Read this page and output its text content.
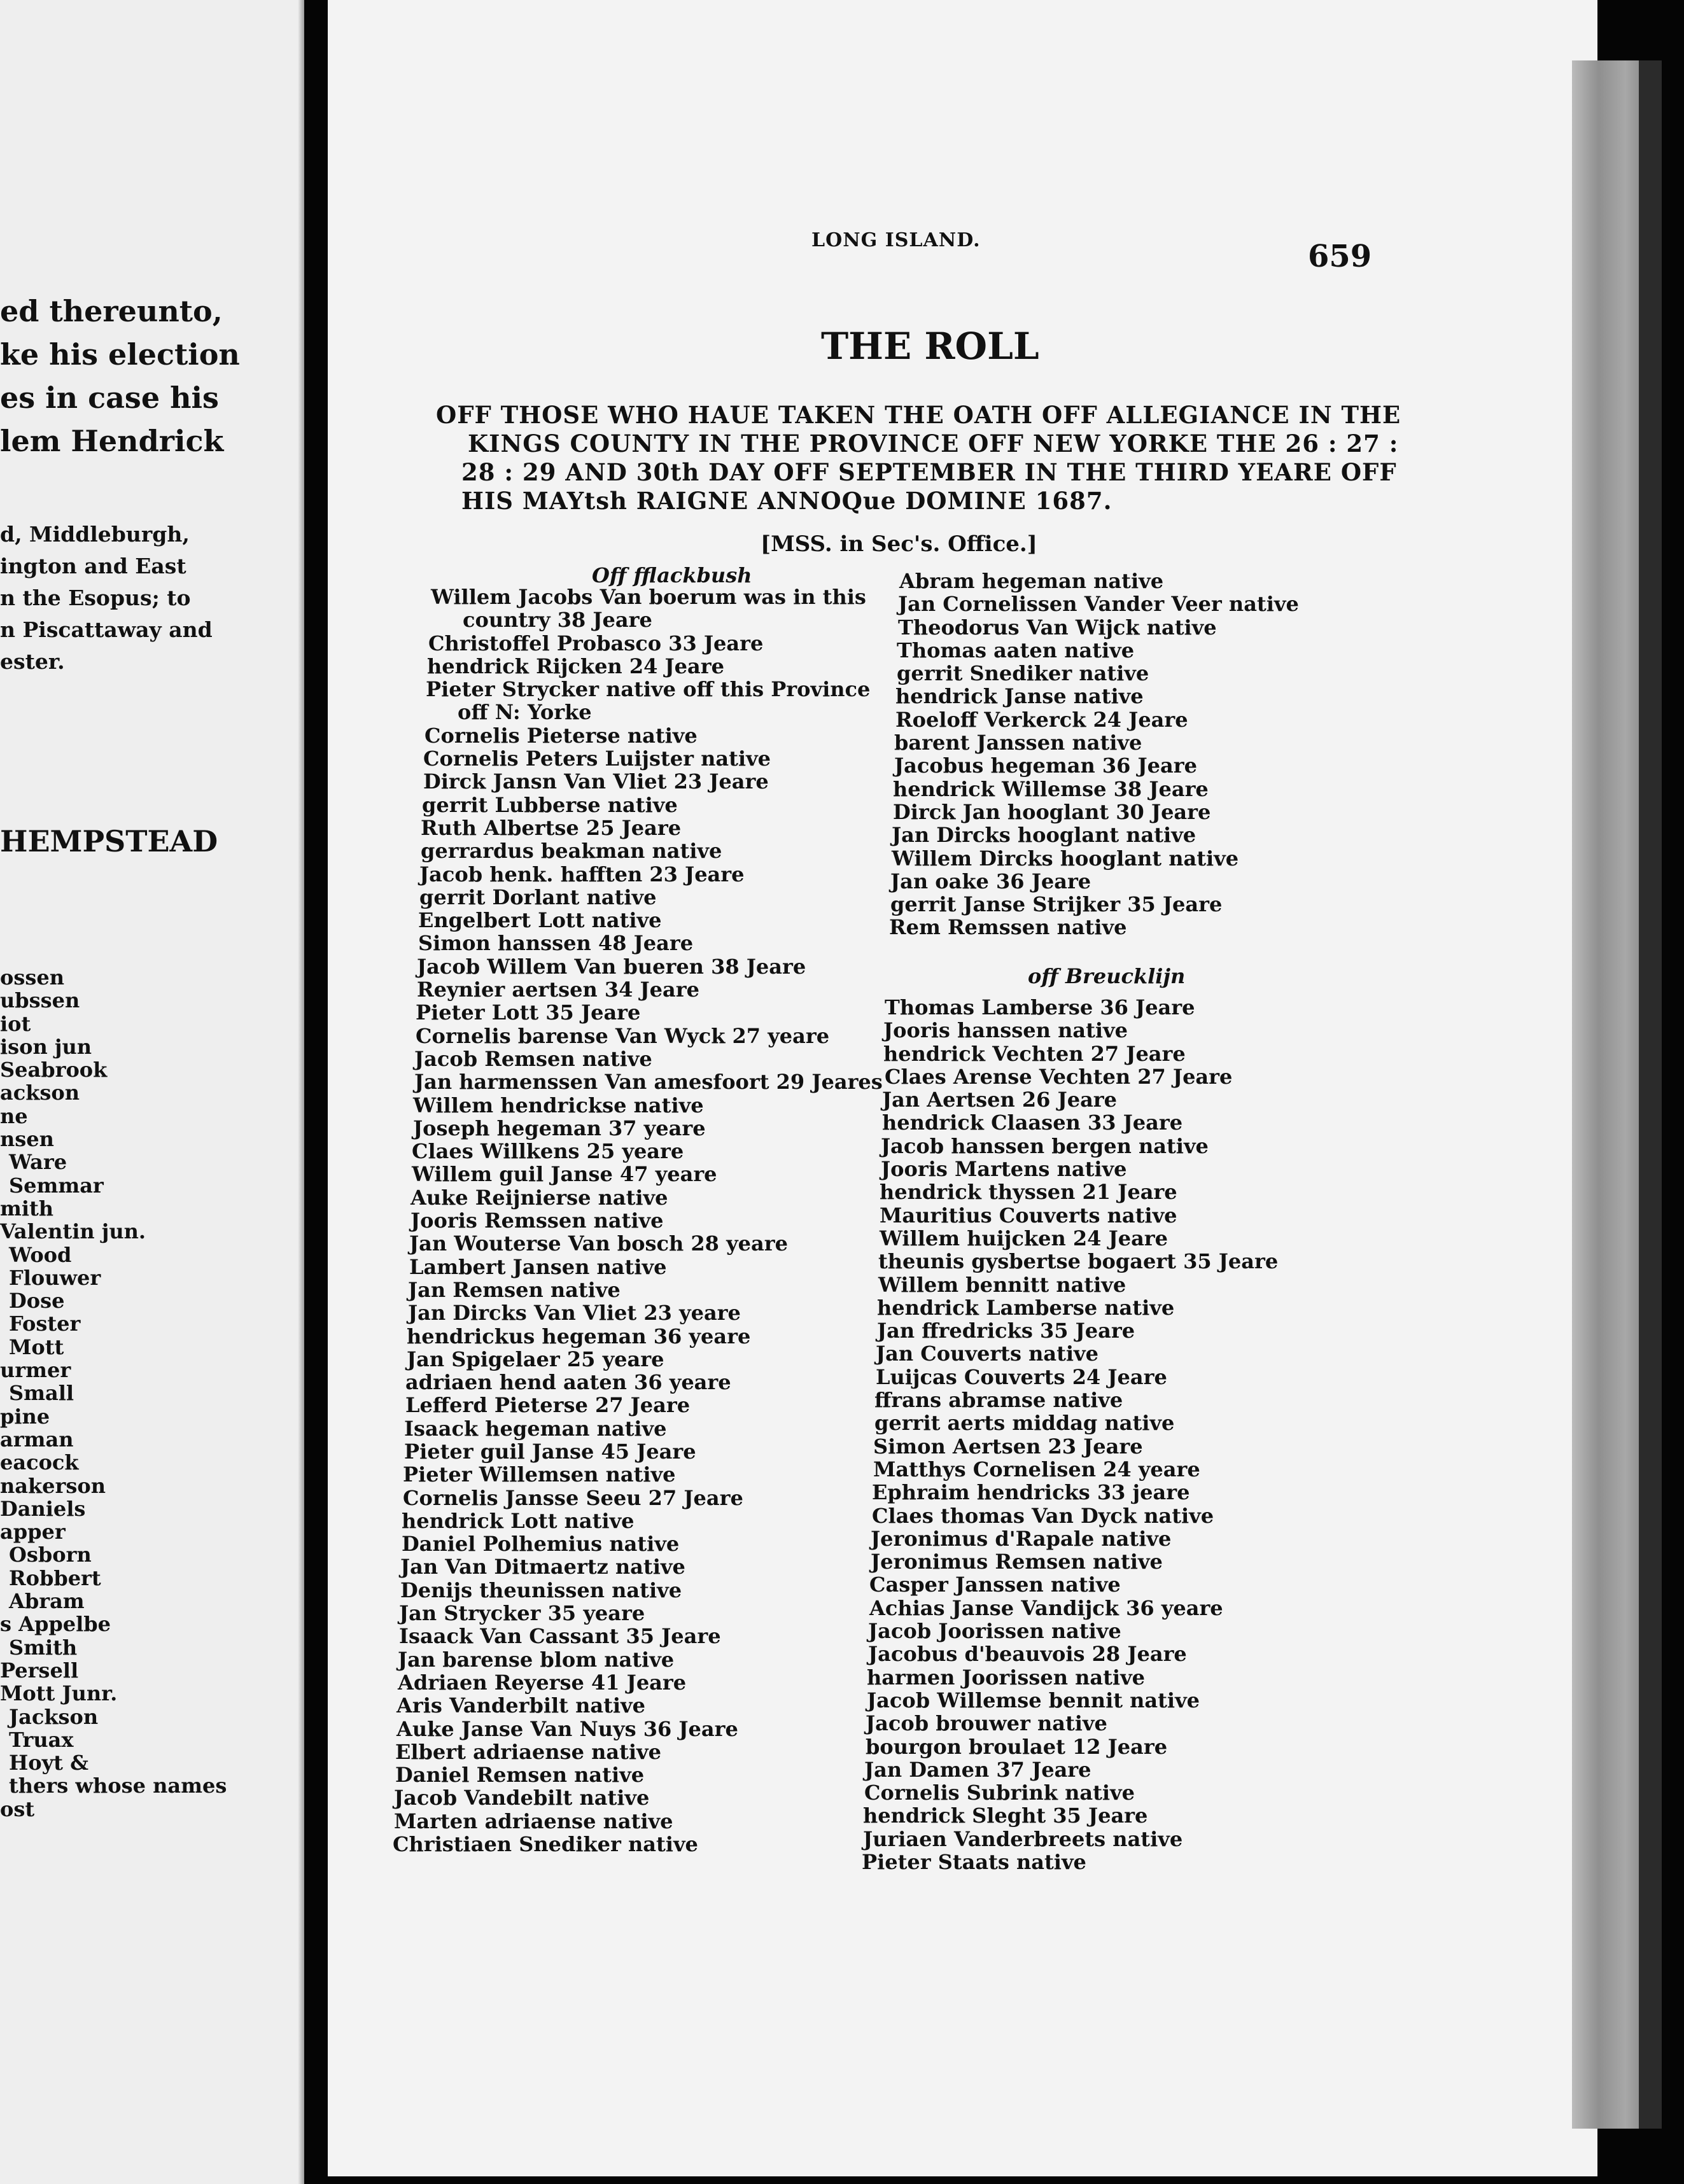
ed thereunto,
ke his election
es in case his
lem Hendrick
d, Middleburgh,
ington and East
n the Esopus; to
n Piscattaway and
ester.
HEMPSTEAD
ossen
ubssen
iot
ison jun
Seabrook
ackson
ne
nsen
Ware
Semmar
mith
Valentin jun.
Wood
Flouwer
Dose
Foster
Mott
urmer
Small
pine
arman
eacock
nakerson
Daniels
apper
Osborn
Robbert
Abram
s Appelbe
Smith
Persell
Mott Junr.
Jackson
Truax
Hoyt &
thers whose names
ost
LONG ISLAND.	659
THE ROLL
OFF THOSE WHO HAUE TAKEN THE OATH OFF ALLEGIANCE IN THE
KINGS COUNTY IN THE PROVINCE OFF NEW YORKE THE 26 : 27 :
28 : 29 AND 30th DAY OFF SEPTEMBER IN THE THIRD YEARE OFF
HIS MAYtsh RAIGNE ANNOQue DOMINE 1687.
[MSS. in Sec's. Office.]
Off fflackbush
Willem Jacobs Van boerum was in this
country 38 Jeare
Christoffel Probasco 33 Jeare
hendrick Rijcken 24 Jeare
Pieter Strycker native off this Province
off N: Yorke
Cornelis Pieterse native
Cornelis Peters Luijster native
Dirck Jansn Van Vliet 23 Jeare
gerrit Lubberse native
Ruth Albertse 25 Jeare
gerrardus beakman native
Jacob henk. hafften 23 Jeare
gerrit Dorlant native
Engelbert Lott native
Simon hanssen 48 Jeare
Jacob Willem Van bueren 38 Jeare
Reynier aertsen 34 Jeare
Pieter Lott 35 Jeare
Cornelis barense Van Wyck 27 yeare
Jacob Remsen native
Jan harmenssen Van amesfoort 29 Jeares
Willem hendrickse native
Joseph hegeman 37 yeare
Claes Willkens 25 yeare
Willem guil Janse 47 yeare
Auke Reijnierse native
Jooris Remssen native
Jan Wouterse Van bosch 28 yeare
Lambert Jansen native
Jan Remsen native
Jan Dircks Van Vliet 23 yeare
hendrickus hegeman 36 yeare
Jan Spigelaer 25 yeare
adriaen hend aaten 36 yeare
Lefferd Pieterse 27 Jeare
Isaack hegeman native
Pieter guil Janse 45 Jeare
Pieter Willemsen native
Cornelis Jansse Seeu 27 Jeare
hendrick Lott native
Daniel Polhemius native
Jan Van Ditmaertz native
Denijs theunissen native
Jan Strycker 35 yeare
Isaack Van Cassant 35 Jeare
Jan barense blom native
Adriaen Reyerse 41 Jeare
Aris Vanderbilt native
Auke Janse Van Nuys 36 Jeare
Elbert adriaense native
Daniel Remsen native
Jacob Vandebilt native
Marten adriaense native
Christiaen Snediker native
Abram hegeman native
Jan Cornelissen Vander Veer native
Theodorus Van Wijck native
Thomas aaten native
gerrit Snediker native
hendrick Janse native
Roeloff Verkerck 24 Jeare
barent Janssen native
Jacobus hegeman 36 Jeare
hendrick Willemse 38 Jeare
Dirck Jan hooglant 30 Jeare
Jan Dircks hooglant native
Willem Dircks hooglant native
Jan oake 36 Jeare
gerrit Janse Strijker 35 Jeare
Rem Remssen native
off Breucklijn
Thomas Lamberse 36 Jeare
Jooris hanssen native
hendrick Vechten 27 Jeare
Claes Arense Vechten 27 Jeare
Jan Aertsen 26 Jeare
hendrick Claasen 33 Jeare
Jacob hanssen bergen native
Jooris Martens native
hendrick thyssen 21 Jeare
Mauritius Couverts native
Willem huijcken 24 Jeare
theunis gysbertse bogaert 35 Jeare
Willem bennitt native
hendrick Lamberse native
Jan ffredricks 35 Jeare
Jan Couverts native
Luijcas Couverts 24 Jeare
ffrans abramse native
gerrit aerts middag native
Simon Aertsen 23 Jeare
Matthys Cornelisen 24 yeare
Ephraim hendricks 33 jeare
Claes thomas Van Dyck native
Jeronimus d'Rapale native
Jeronimus Remsen native
Casper Janssen native
Achias Janse Vandijck 36 yeare
Jacob Joorissen native
Jacobus d'beauvois 28 Jeare
harmen Joorissen native
Jacob Willemse bennit native
Jacob brouwer native
bourgon broulaet 12 Jeare
Jan Damen 37 Jeare
Cornelis Subrink native
hendrick Sleght 35 Jeare
Juriaen Vanderbreets native
Pieter Staats native
